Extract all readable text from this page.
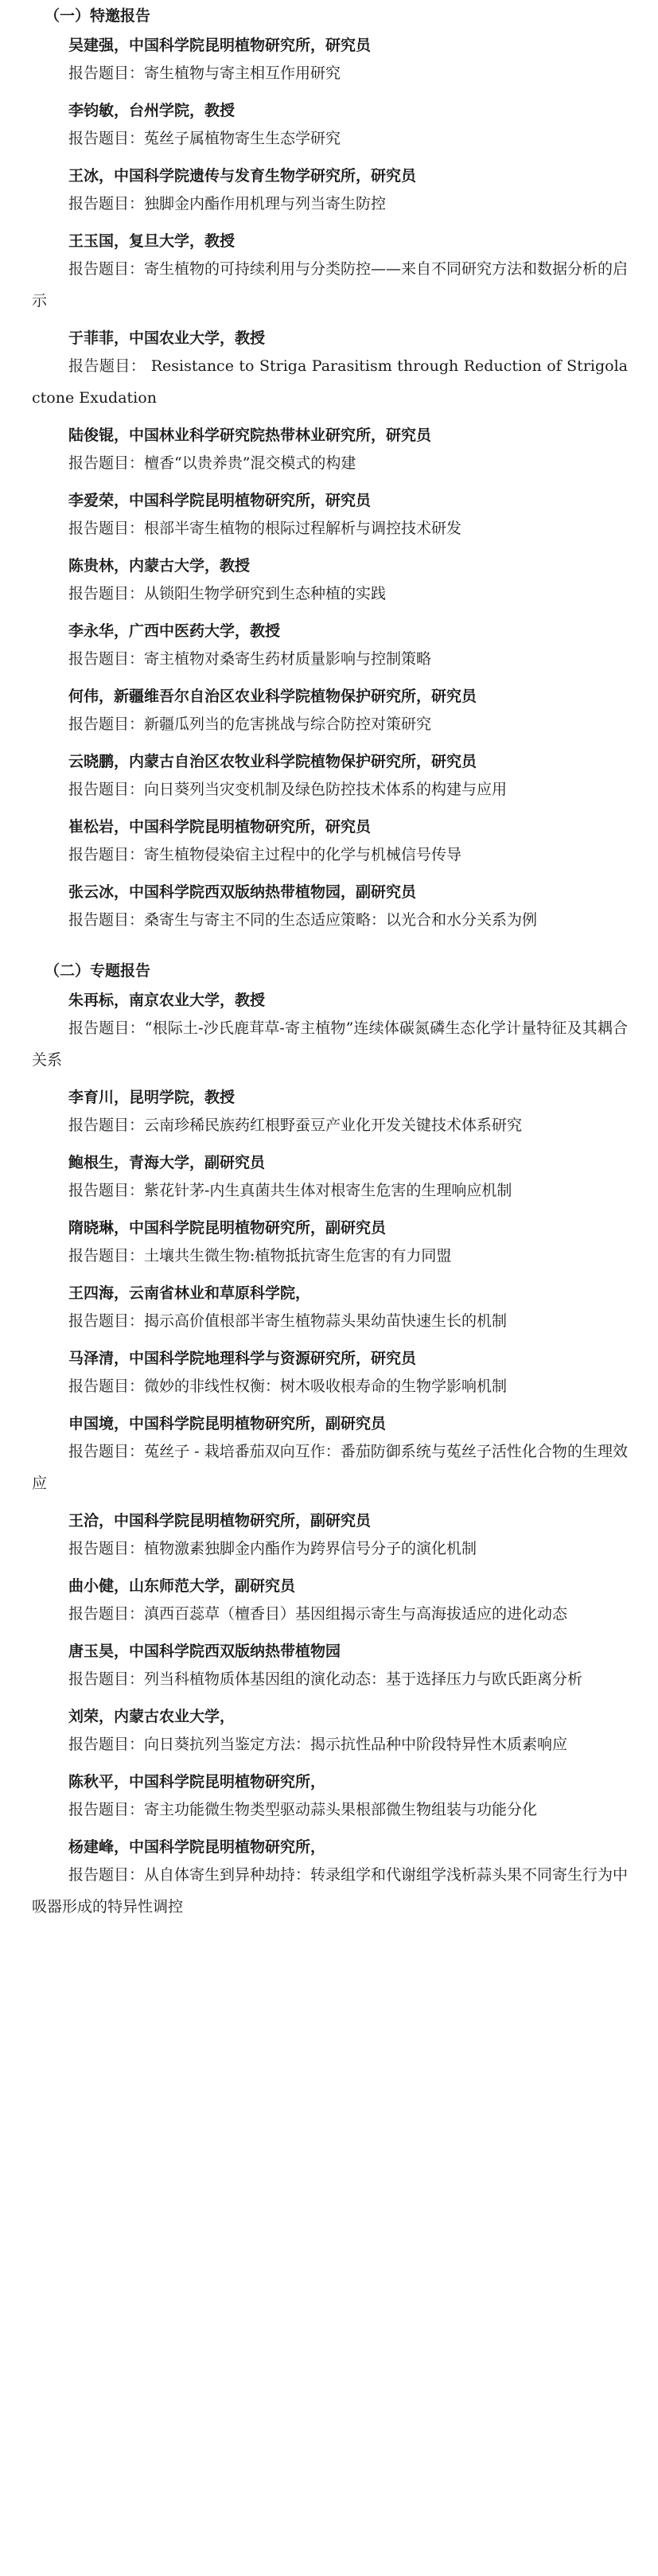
（一）特邀报告
吴建强，中国科学院昆明植物研究所，研究员

报告题目：寄生植物与寄主相互作用研究

李钧敏，台州学院，教授

报告题目：菟丝子属植物寄生生态学研究

王冰，中国科学院遗传与发育生物学研究所，研究员

报告题目：独脚金内酯作用机理与列当寄生防控

王玉国，复旦大学，教授

报告题目：寄生植物的可持续利用与分类防控——来自不同研究方法和数据分析的启示

于菲菲，中国农业大学，教授

报告题目： Resistance to Striga Parasitism through Reduction of Strigolactone Exudation

陆俊锟，中国林业科学研究院热带林业研究所，研究员

报告题目：檀香“以贵养贵”混交模式的构建

李爱荣，中国科学院昆明植物研究所，研究员

报告题目：根部半寄生植物的根际过程解析与调控技术研发

陈贵林，内蒙古大学，教授

报告题目：从锁阳生物学研究到生态种植的实践

李永华，广西中医药大学，教授

报告题目：寄主植物对桑寄生药材质量影响与控制策略

何伟，新疆维吾尔自治区农业科学院植物保护研究所，研究员

报告题目：新疆瓜列当的危害挑战与综合防控对策研究

云晓鹏，内蒙古自治区农牧业科学院植物保护研究所，研究员

报告题目：向日葵列当灾变机制及绿色防控技术体系的构建与应用

崔松岩，中国科学院昆明植物研究所，研究员

报告题目：寄生植物侵染宿主过程中的化学与机械信号传导

张云冰，中国科学院西双版纳热带植物园，副研究员

报告题目：桑寄生与寄主不同的生态适应策略：以光合和水分关系为例

（二）专题报告
朱再标，南京农业大学，教授

报告题目：“根际土-沙氏鹿茸草-寄主植物”连续体碳氮磷生态化学计量特征及其耦合关系

李育川，昆明学院，教授

报告题目：云南珍稀民族药红根野蚕豆产业化开发关键技术体系研究

鲍根生，青海大学，副研究员

报告题目：紫花针茅-内生真菌共生体对根寄生危害的生理响应机制

隋晓琳，中国科学院昆明植物研究所，副研究员

报告题目：土壤共生微生物:植物抵抗寄生危害的有力同盟

王四海，云南省林业和草原科学院，

报告题目：揭示高价值根部半寄生植物蒜头果幼苗快速生长的机制

马泽清，中国科学院地理科学与资源研究所，研究员

报告题目：微妙的非线性权衡：树木吸收根寿命的生物学影响机制

申国境，中国科学院昆明植物研究所，副研究员

报告题目：菟丝子 - 栽培番茄双向互作：番茄防御系统与菟丝子活性化合物的生理效应

王洽，中国科学院昆明植物研究所，副研究员

报告题目：植物激素独脚金内酯作为跨界信号分子的演化机制

曲小健，山东师范大学，副研究员

报告题目：滇西百蕊草（檀香目）基因组揭示寄生与高海拔适应的进化动态

唐玉昊，中国科学院西双版纳热带植物园

报告题目：列当科植物质体基因组的演化动态：基于选择压力与欧氏距离分析

刘荣，内蒙古农业大学，

报告题目：向日葵抗列当鉴定方法：揭示抗性品种中阶段特异性木质素响应

陈秋平，中国科学院昆明植物研究所，

报告题目：寄主功能微生物类型驱动蒜头果根部微生物组装与功能分化

杨建峰，中国科学院昆明植物研究所，

报告题目：从自体寄生到异种劫持：转录组学和代谢组学浅析蒜头果不同寄生行为中吸器形成的特异性调控
